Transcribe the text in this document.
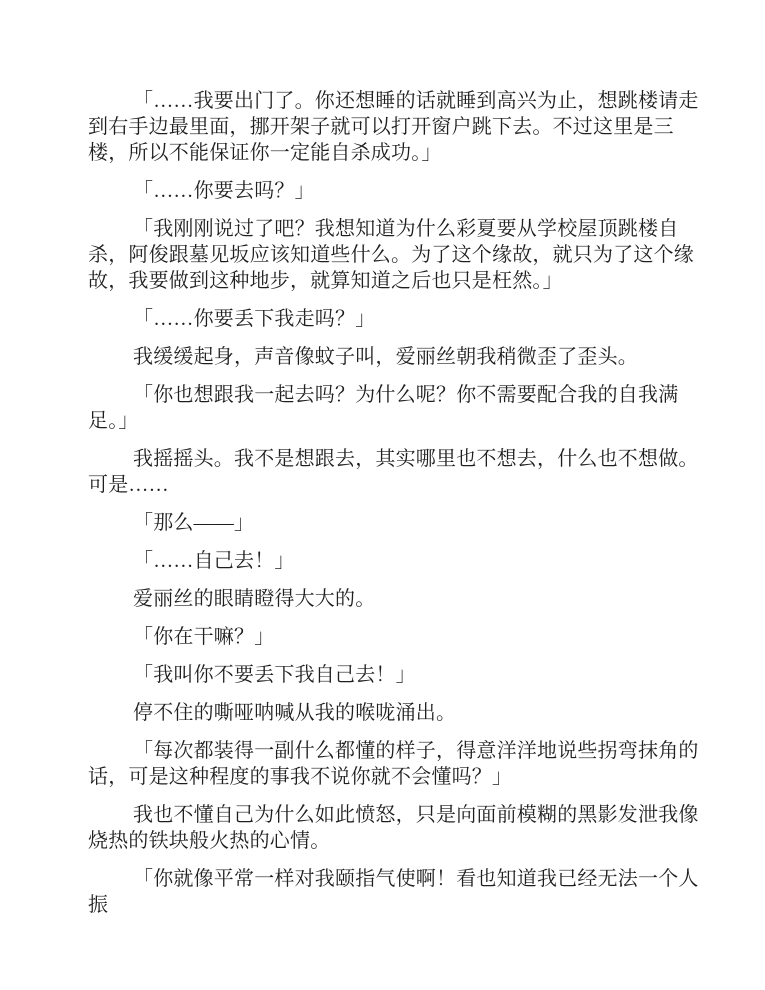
「……我要出门了。你还想睡的话就睡到高兴为止，想跳楼请走到右手边最里面，挪开架子就可以打开窗户跳下去。不过这里是三楼，所以不能保证你一定能自杀成功。」

「……你要去吗？」

「我刚刚说过了吧？我想知道为什么彩夏要从学校屋顶跳楼自杀，阿俊跟墓见坂应该知道些什么。为了这个缘故，就只为了这个缘故，我要做到这种地步，就算知道之后也只是枉然。」

「……你要丢下我走吗？」

我缓缓起身，声音像蚊子叫，爱丽丝朝我稍微歪了歪头。

「你也想跟我一起去吗？为什么呢？你不需要配合我的自我满足。」

我摇摇头。我不是想跟去，其实哪里也不想去，什么也不想做。可是……

「那么——」

「……自己去！」

爱丽丝的眼睛瞪得大大的。

「你在干嘛？」

「我叫你不要丢下我自己去！」

停不住的嘶哑呐喊从我的喉咙涌出。

「每次都装得一副什么都懂的样子，得意洋洋地说些拐弯抹角的话，可是这种程度的事我不说你就不会懂吗？」

我也不懂自己为什么如此愤怒，只是向面前模糊的黑影发泄我像烧热的铁块般火热的心情。

「你就像平常一样对我颐指气使啊！看也知道我已经无法一个人振
